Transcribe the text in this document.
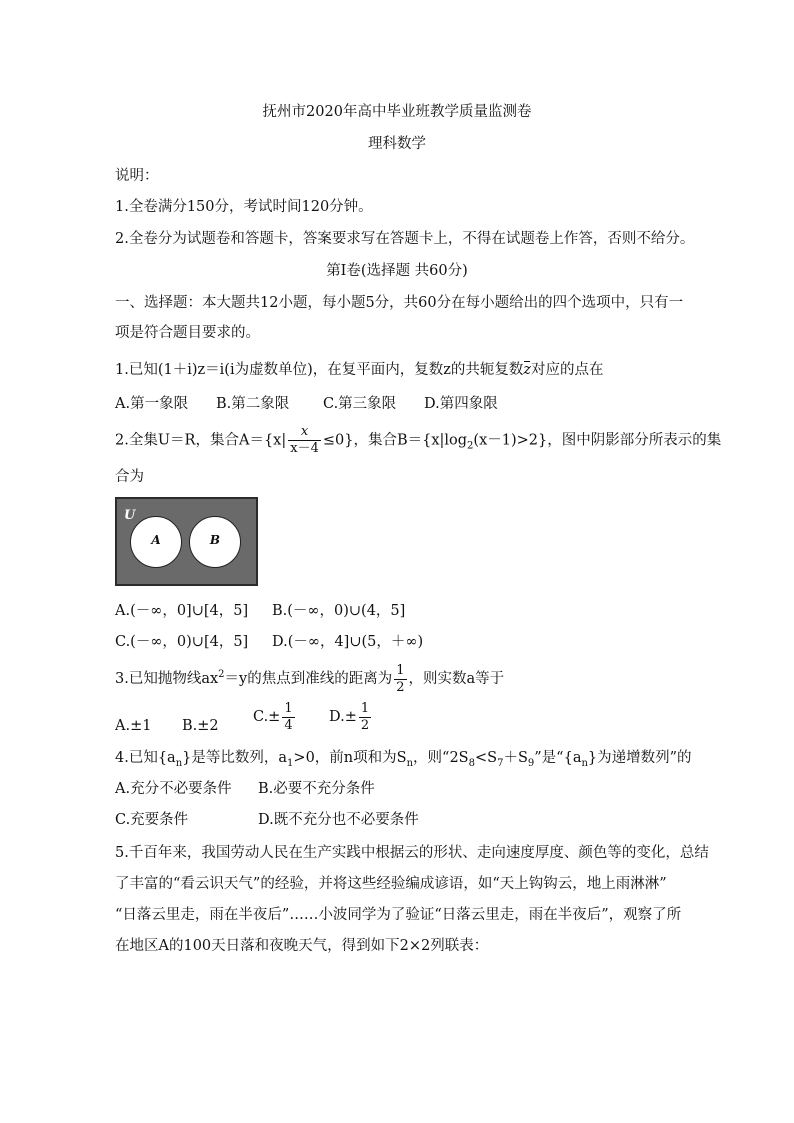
抚州市2020年高中毕业班教学质量监测卷
理科数学
说明：
1.全卷满分150分，考试时间120分钟。
2.全卷分为试题卷和答题卡，答案要求写在答题卡上，不得在试题卷上作答，否则不给分。
第Ⅰ卷(选择题 共60分)
一、选择题：本大题共12小题，每小题5分，共60分在每小题给出的四个选项中，只有一
项是符合题目要求的。
1.已知(1＋i)z＝i(i为虚数单位)，在复平面内，复数z的共轭复数z对应的点在
A.第一象限 B.第二象限 C.第三象限 D.第四象限
2.全集U＝R，集合$A=\{x| \frac{x}{x-4} \le 0\}$，集合$B=\{x|\log_2(x-1)>2\}$，图中阴影部分所表示的集
合为
U
A	B
A.(－∞，0]∪[4，5] B.(－∞，0)∪(4，5]
C.(－∞，0)∪[4，5] D.(－∞，4]∪(5，＋∞)
3.已知抛物线$ax^2=y$的焦点到准线的距离为 $\frac{1}{2}$ ，则实数a等于
A.±1 B.±2
$C.\pm \frac{1}{4} D.\pm \frac{1}{2}$
4.已知$\{a_n\}$是等比数列，$a_1>0$，前n项和为$S_n$，则“$2S_8<S_7+S_9$”是“$\{a_n\}$为递增数列”的
A.充分不必要条件 B.必要不充分条件
C.充要条件	D.既不充分也不必要条件
5.千百年来，我国劳动人民在生产实践中根据云的形状、走向速度厚度、颜色等的变化，总结
了丰富的“看云识天气”的经验，并将这些经验编成谚语，如“天上钩钩云，地上雨淋淋”
“日落云里走，雨在半夜后”……小波同学为了验证“日落云里走，雨在半夜后”，观察了所
在地区A的100天日落和夜晚天气，得到如下2×2列联表：
